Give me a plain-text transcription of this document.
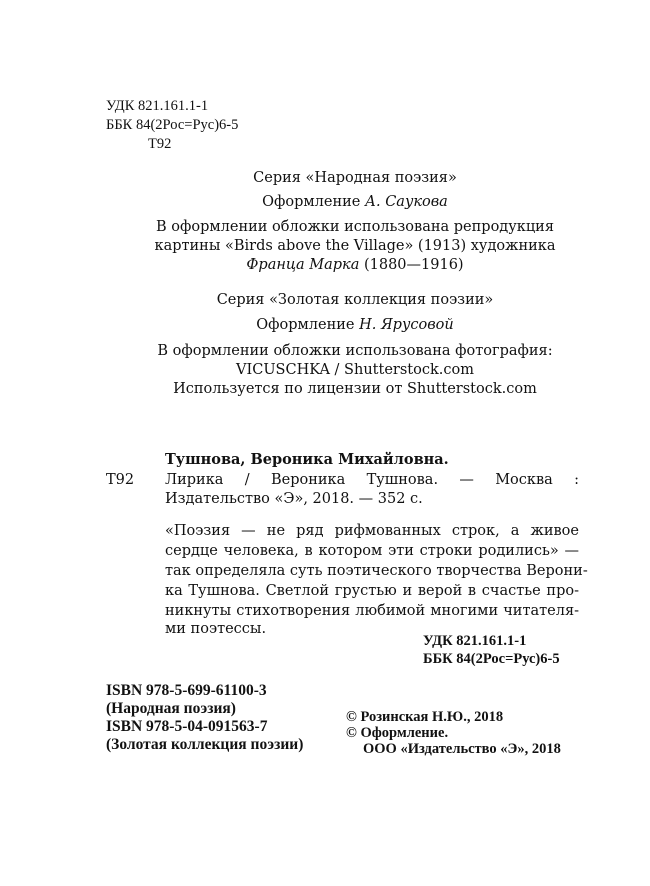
УДК 821.161.1-1
ББК 84(2Рос=Рус)6-5
Т92
Серия «Народная поэзия»
Оформление А. Саукова
В оформлении обложки использована репродукция
картины «Birds above the Village» (1913) художника
Франца Марка (1880—1916)
Серия «Золотая коллекция поэзии»
Оформление Н. Ярусовой
В оформлении обложки использована фотография:
VICUSCHKA / Shutterstock.com
Используется по лицензии от Shutterstock.com
Тушнова, Вероника Михайловна.
Т92 Лирика / Вероника Тушнова. — Москва :
Издательство «Э», 2018. — 352 с.
«Поэзия — не ряд рифмованных строк, а живое
сердце человека, в котором эти строки родились» —
так определяла суть поэтического творчества Верони-
ка Тушнова. Светлой грустью и верой в счастье про-
никнуты стихотворения любимой многими читателя-
ми поэтессы.
УДК 821.161.1-1
ББК 84(2Рос=Рус)6-5
ISBN 978-5-699-61100-3
(Народная поэзия)
ISBN 978-5-04-091563-7
(Золотая коллекция поэзии)
© Розинская Н.Ю., 2018
© Оформление.
ООО «Издательство «Э», 2018
